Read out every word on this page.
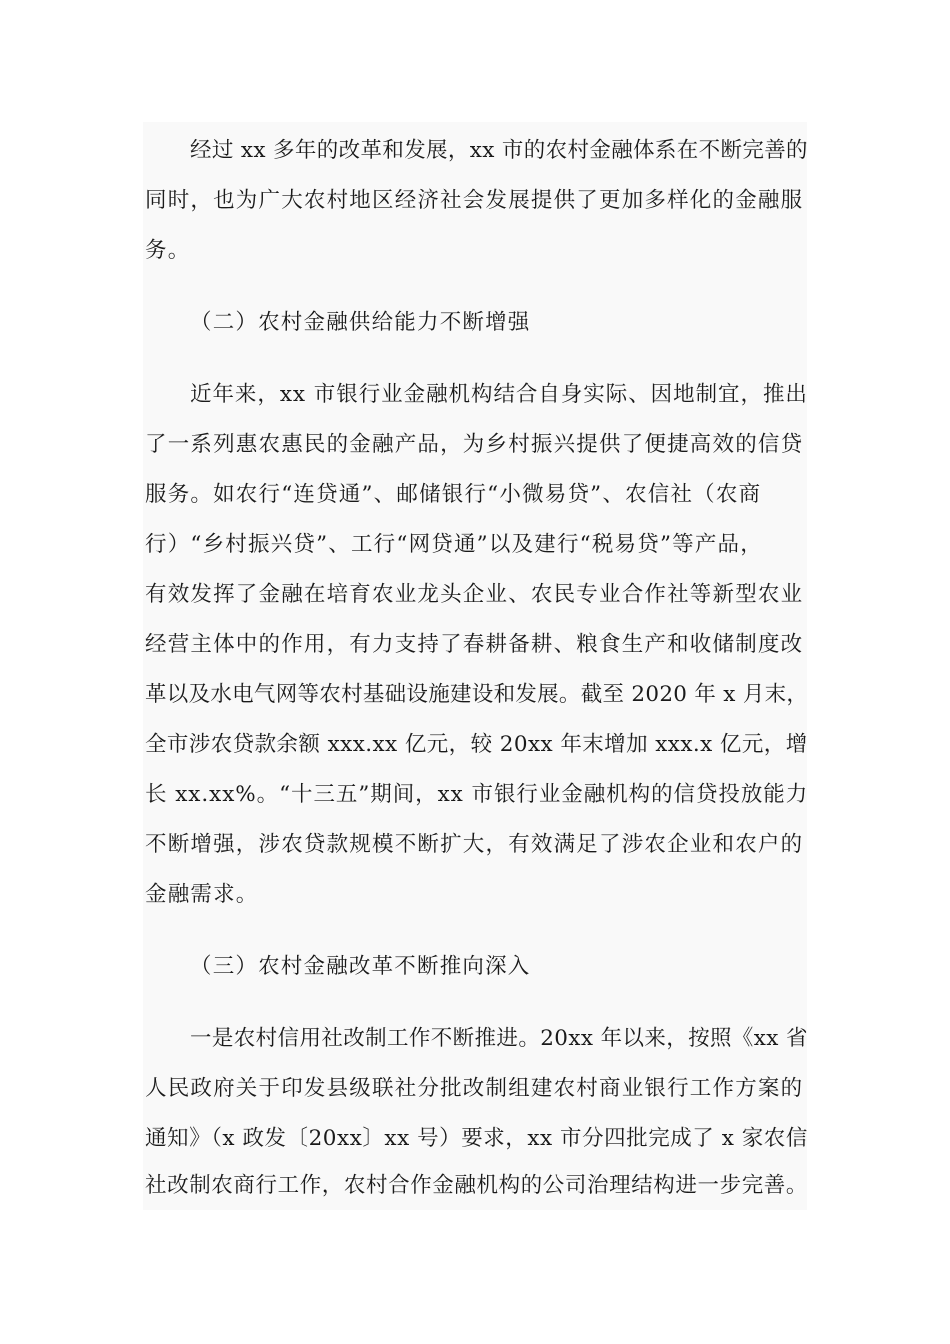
经过 xx 多年的改革和发展，xx 市的农村金融体系在不断完善的
同时，也为广大农村地区经济社会发展提供了更加多样化的金融服
务。
（二）农村金融供给能力不断增强
近年来，xx 市银行业金融机构结合自身实际、因地制宜，推出
了一系列惠农惠民的金融产品，为乡村振兴提供了便捷高效的信贷
服务。如农行“连贷通”、邮储银行“小微易贷”、农信社（农商
行）“乡村振兴贷”、工行“网贷通”以及建行“税易贷”等产品，
有效发挥了金融在培育农业龙头企业、农民专业合作社等新型农业
经营主体中的作用，有力支持了春耕备耕、粮食生产和收储制度改
革以及水电气网等农村基础设施建设和发展。截至 2020 年 x 月末，
全市涉农贷款余额 xxx.xx 亿元，较 20xx 年末增加 xxx.x 亿元，增
长 xx.xx%。“十三五”期间，xx 市银行业金融机构的信贷投放能力
不断增强，涉农贷款规模不断扩大，有效满足了涉农企业和农户的
金融需求。
（三）农村金融改革不断推向深入
一是农村信用社改制工作不断推进。20xx 年以来，按照《xx 省
人民政府关于印发县级联社分批改制组建农村商业银行工作方案的
通知》（x 政发〔20xx〕xx 号）要求，xx 市分四批完成了 x 家农信
社改制农商行工作，农村合作金融机构的公司治理结构进一步完善。
